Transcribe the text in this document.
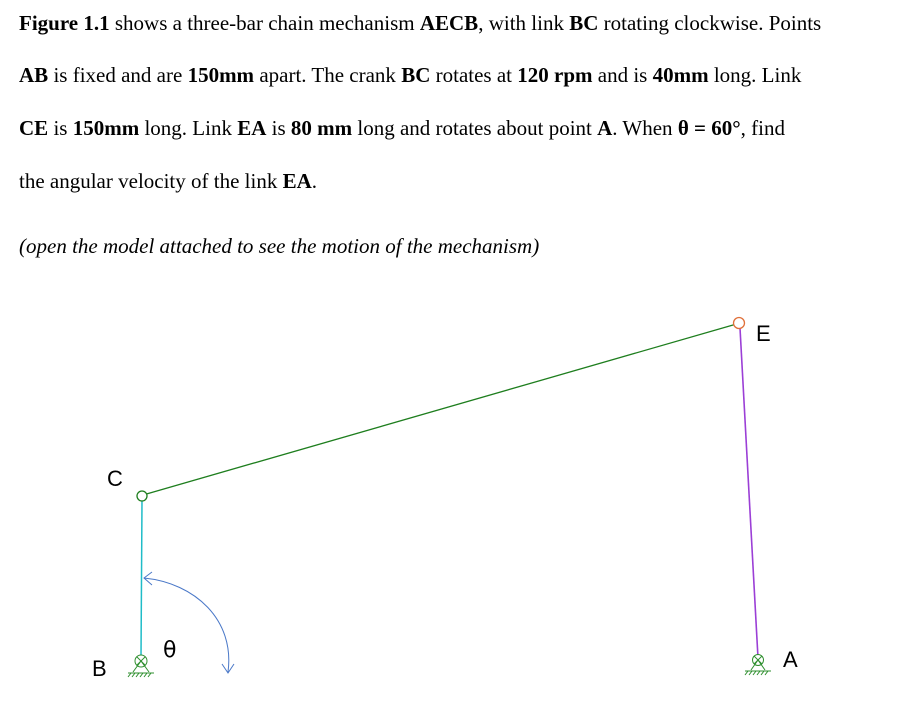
Figure 1.1 shows a three-bar chain mechanism AECB, with link BC rotating clockwise. Points
AB is fixed and are 150mm apart. The crank BC rotates at 120 rpm and is 40mm long. Link
CE is 150mm long. Link EA is 80 mm long and rotates about point A. When θ = 60°, find
the angular velocity of the link EA.
(open the model attached to see the motion of the mechanism)
C
E
B	A
θ
